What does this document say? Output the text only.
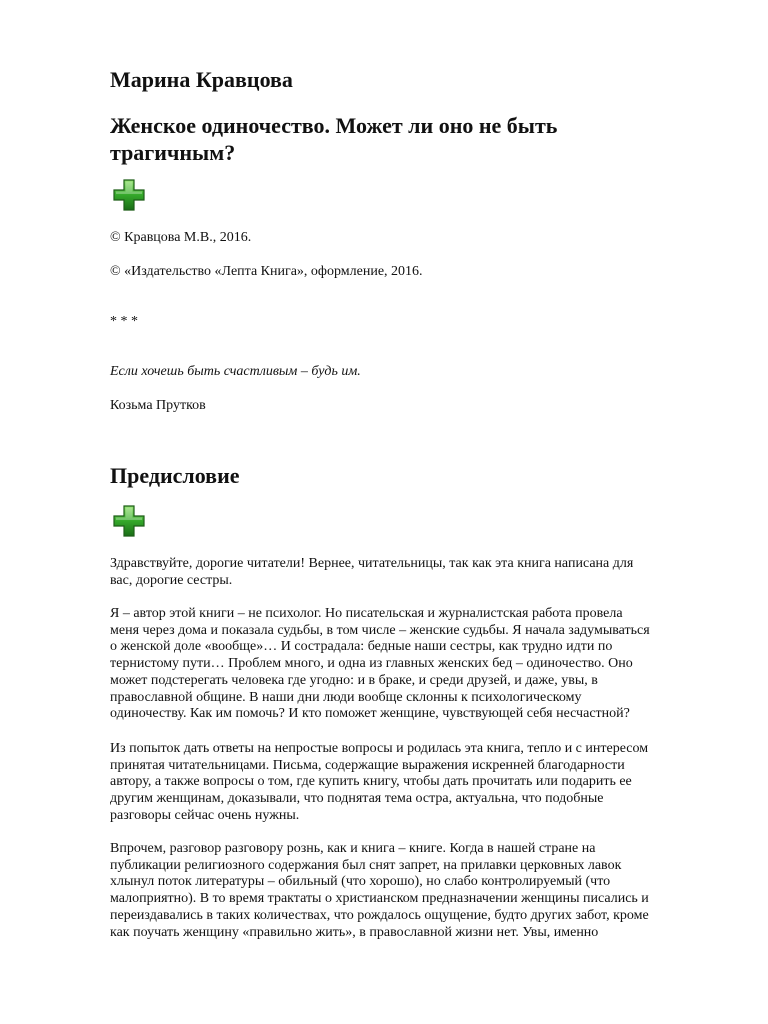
Марина Кравцова
Женское одиночество. Может ли оно не быть трагичным?

© Кравцова М.В., 2016.

© «Издательство «Лепта Книга», оформление, 2016.

* * *

Если хочешь быть счастливым – будь им.

Козьма Прутков

Предисловие

Здравствуйте, дорогие читатели! Вернее, читательницы, так как эта книга написана для
вас, дорогие сестры.

Я – автор этой книги – не психолог. Но писательская и журналистская работа провела
меня через дома и показала судьбы, в том числе – женские судьбы. Я начала задумываться
о женской доле «вообще»… И сострадала: бедные наши сестры, как трудно идти по
тернистому пути… Проблем много, и одна из главных женских бед – одиночество. Оно
может подстерегать человека где угодно: и в браке, и среди друзей, и даже, увы, в
православной общине. В наши дни люди вообще склонны к психологическому
одиночеству. Как им помочь? И кто поможет женщине, чувствующей себя несчастной?

Из попыток дать ответы на непростые вопросы и родилась эта книга, тепло и с интересом
принятая читательницами. Письма, содержащие выражения искренней благодарности
автору, а также вопросы о том, где купить книгу, чтобы дать прочитать или подарить ее
другим женщинам, доказывали, что поднятая тема остра, актуальна, что подобные
разговоры сейчас очень нужны.

Впрочем, разговор разговору рознь, как и книга – книге. Когда в нашей стране на
публикации религиозного содержания был снят запрет, на прилавки церковных лавок
хлынул поток литературы – обильный (что хорошо), но слабо контролируемый (что
малоприятно). В то время трактаты о христианском предназначении женщины писались и
переиздавались в таких количествах, что рождалось ощущение, будто других забот, кроме
как поучать женщину «правильно жить», в православной жизни нет. Увы, именно
